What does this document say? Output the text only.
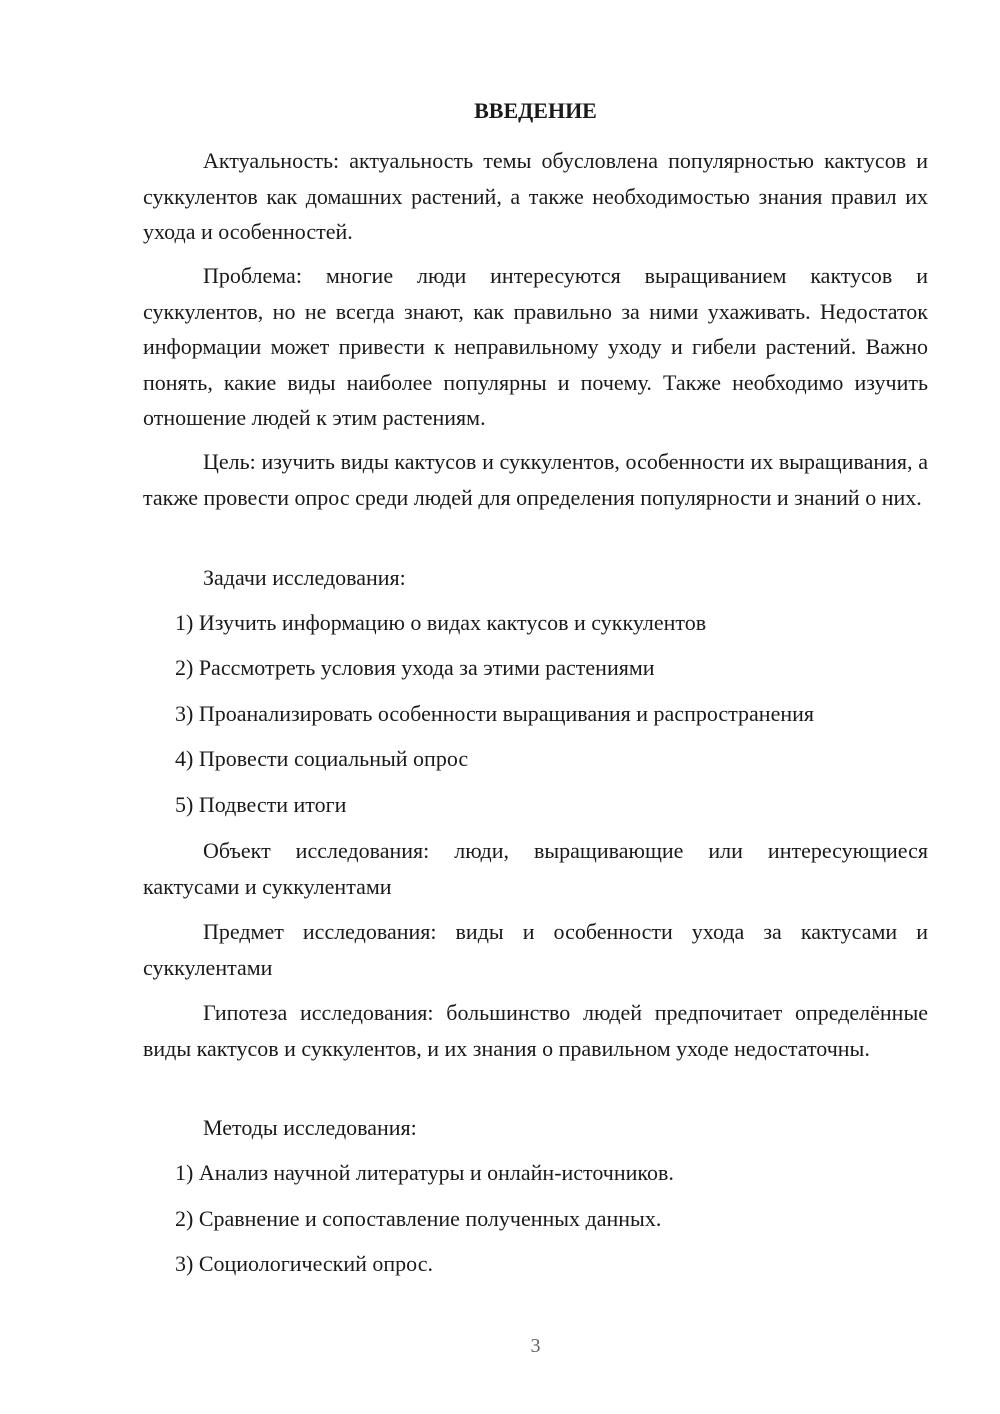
ВВЕДЕНИЕ

Актуальность: актуальность темы обусловлена популярностью кактусов и суккулентов как домашних растений, а также необходимостью знания правил их ухода и особенностей.

Проблема: многие люди интересуются выращиванием кактусов и суккулентов, но не всегда знают, как правильно за ними ухаживать. Недостаток информации может привести к неправильному уходу и гибели растений. Важно понять, какие виды наиболее популярны и почему. Также необходимо изучить отношение людей к этим растениям.

Цель: изучить виды кактусов и суккулентов, особенности их выращивания, а также провести опрос среди людей для определения популярности и знаний о них.

Задачи исследования:

1) Изучить информацию о видах кактусов и суккулентов

2) Рассмотреть условия ухода за этими растениями

3) Проанализировать особенности выращивания и распространения

4) Провести социальный опрос

5) Подвести итоги

Объект исследования: люди, выращивающие или интересующиеся кактусами и суккулентами

Предмет исследования: виды и особенности ухода за кактусами и суккулентами

Гипотеза исследования: большинство людей предпочитает определённые виды кактусов и суккулентов, и их знания о правильном уходе недостаточны.

Методы исследования:

1) Анализ научной литературы и онлайн-источников.

2) Сравнение и сопоставление полученных данных.

3) Социологический опрос.

3
